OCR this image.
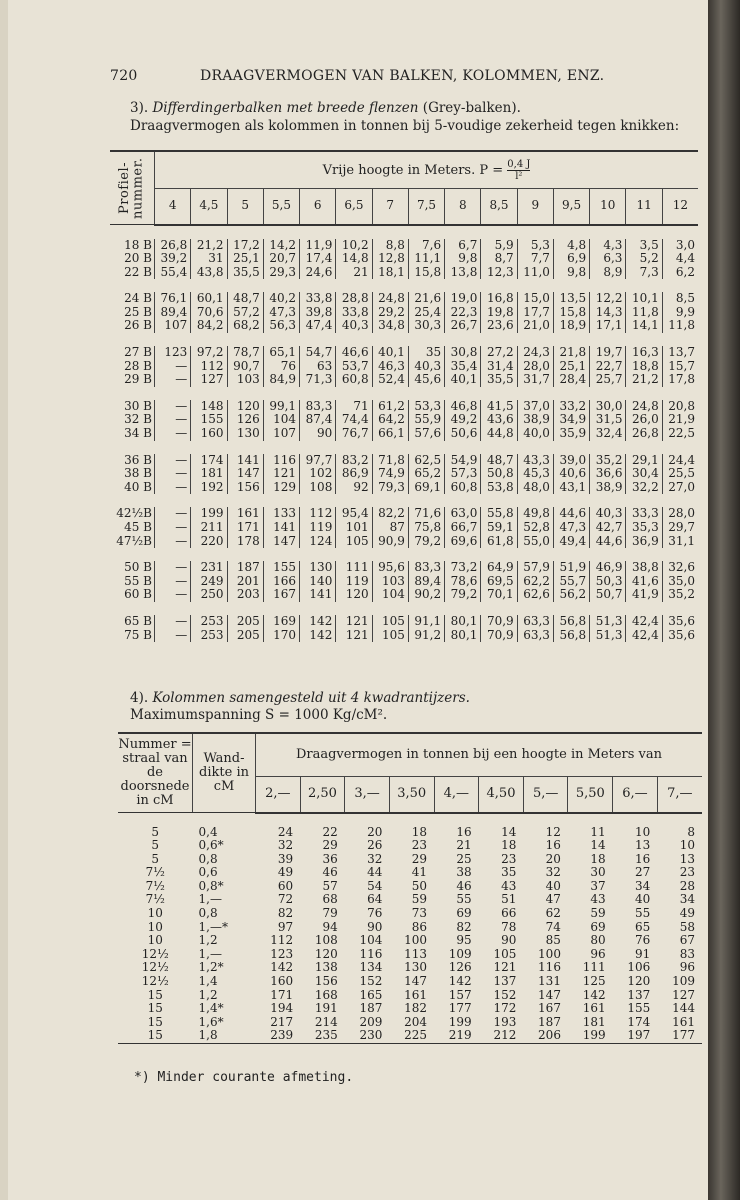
720	DRAAGVERMOGEN VAN BALKEN, KOLOMMEN, ENZ.
3). Differdingerbalken met breede flenzen (Grey-balken).
Draagvermogen als kolommen in tonnen bij 5-voudige zekerheid tegen knikken:
Profiel-nummer.	Vrije hoogte in Meters. $P = \frac{0,4 J}{\text{l²}}$

	4	4,5	5	5,5	6	6,5	7	7,5	8	8,5	9	9,5	10	11	12

18 B	26,8	21,2	17,2	14,2	11,9	10,2	8,8	7,6	6,7	5,9	5,3	4,8	4,3	3,5	3,0
20 B	39,2	31	25,1	20,7	17,4	14,8	12,8	11,1	9,8	8,7	7,7	6,9	6,3	5,2	4,4
22 B	55,4	43,8	35,5	29,3	24,6	21	18,1	15,8	13,8	12,3	11,0	9,8	8,9	7,3	6,2

24 B	76,1	60,1	48,7	40,2	33,8	28,8	24,8	21,6	19,0	16,8	15,0	13,5	12,2	10,1	8,5
25 B	89,4	70,6	57,2	47,3	39,8	33,8	29,2	25,4	22,3	19,8	17,7	15,8	14,3	11,8	9,9
26 B	107	84,2	68,2	56,3	47,4	40,3	34,8	30,3	26,7	23,6	21,0	18,9	17,1	14,1	11,8

27 B	123	97,2	78,7	65,1	54,7	46,6	40,1	35	30,8	27,2	24,3	21,8	19,7	16,3	13,7
28 B	—	112	90,7	76	63	53,7	46,3	40,3	35,4	31,4	28,0	25,1	22,7	18,8	15,7
29 B	—	127	103	84,9	71,3	60,8	52,4	45,6	40,1	35,5	31,7	28,4	25,7	21,2	17,8

30 B	—	148	120	99,1	83,3	71	61,2	53,3	46,8	41,5	37,0	33,2	30,0	24,8	20,8
32 B	—	155	126	104	87,4	74,4	64,2	55,9	49,2	43,6	38,9	34,9	31,5	26,0	21,9
34 B	—	160	130	107	90	76,7	66,1	57,6	50,6	44,8	40,0	35,9	32,4	26,8	22,5

36 B	—	174	141	116	97,7	83,2	71,8	62,5	54,9	48,7	43,3	39,0	35,2	29,1	24,4
38 B	—	181	147	121	102	86,9	74,9	65,2	57,3	50,8	45,3	40,6	36,6	30,4	25,5
40 B	—	192	156	129	108	92	79,3	69,1	60,8	53,8	48,0	43,1	38,9	32,2	27,0

42½B	—	199	161	133	112	95,4	82,2	71,6	63,0	55,8	49,8	44,6	40,3	33,3	28,0
45 B	—	211	171	141	119	101	87	75,8	66,7	59,1	52,8	47,3	42,7	35,3	29,7
47½B	—	220	178	147	124	105	90,9	79,2	69,6	61,8	55,0	49,4	44,6	36,9	31,1

50 B	—	231	187	155	130	111	95,6	83,3	73,2	64,9	57,9	51,9	46,9	38,8	32,6
55 B	—	249	201	166	140	119	103	89,4	78,6	69,5	62,2	55,7	50,3	41,6	35,0
60 B	—	250	203	167	141	120	104	90,2	79,2	70,1	62,6	56,2	50,7	41,9	35,2

65 B	—	253	205	169	142	121	105	91,1	80,1	70,9	63,3	56,8	51,3	42,4	35,6
75 B	—	253	205	170	142	121	105	91,2	80,1	70,9	63,3	56,8	51,3	42,4	35,6
4). Kolommen samengesteld uit 4 kwadrantijzers.
Maximumspanning S = 1000 Kg/cM².
Nummer = straal van de doorsnede in cM	Wand-dikte in cM	Draagvermogen in tonnen bij een hoogte in Meters van									
		2,—	2,50	3,—	3,50	4,—	4,50	5,—	5,50	6,—	7,—

5	0,4	24	22	20	18	16	14	12	11	10	8
5	0,6*	32	29	26	23	21	18	16	14	13	10
5	0,8	39	36	32	29	25	23	20	18	16	13
7½	0,6	49	46	44	41	38	35	32	30	27	23
7½	0,8*	60	57	54	50	46	43	40	37	34	28
7½	1,—	72	68	64	59	55	51	47	43	40	34
10	0,8	82	79	76	73	69	66	62	59	55	49
10	1,—*	97	94	90	86	82	78	74	69	65	58
10	1,2	112	108	104	100	95	90	85	80	76	67
12½	1,—	123	120	116	113	109	105	100	96	91	83
12½	1,2*	142	138	134	130	126	121	116	111	106	96
12½	1,4	160	156	152	147	142	137	131	125	120	109
15	1,2	171	168	165	161	157	152	147	142	137	127
15	1,4*	194	191	187	182	177	172	167	161	155	144
15	1,6*	217	214	209	204	199	193	187	181	174	161
15	1,8	239	235	230	225	219	212	206	199	197	177
*) Minder courante afmeting.
